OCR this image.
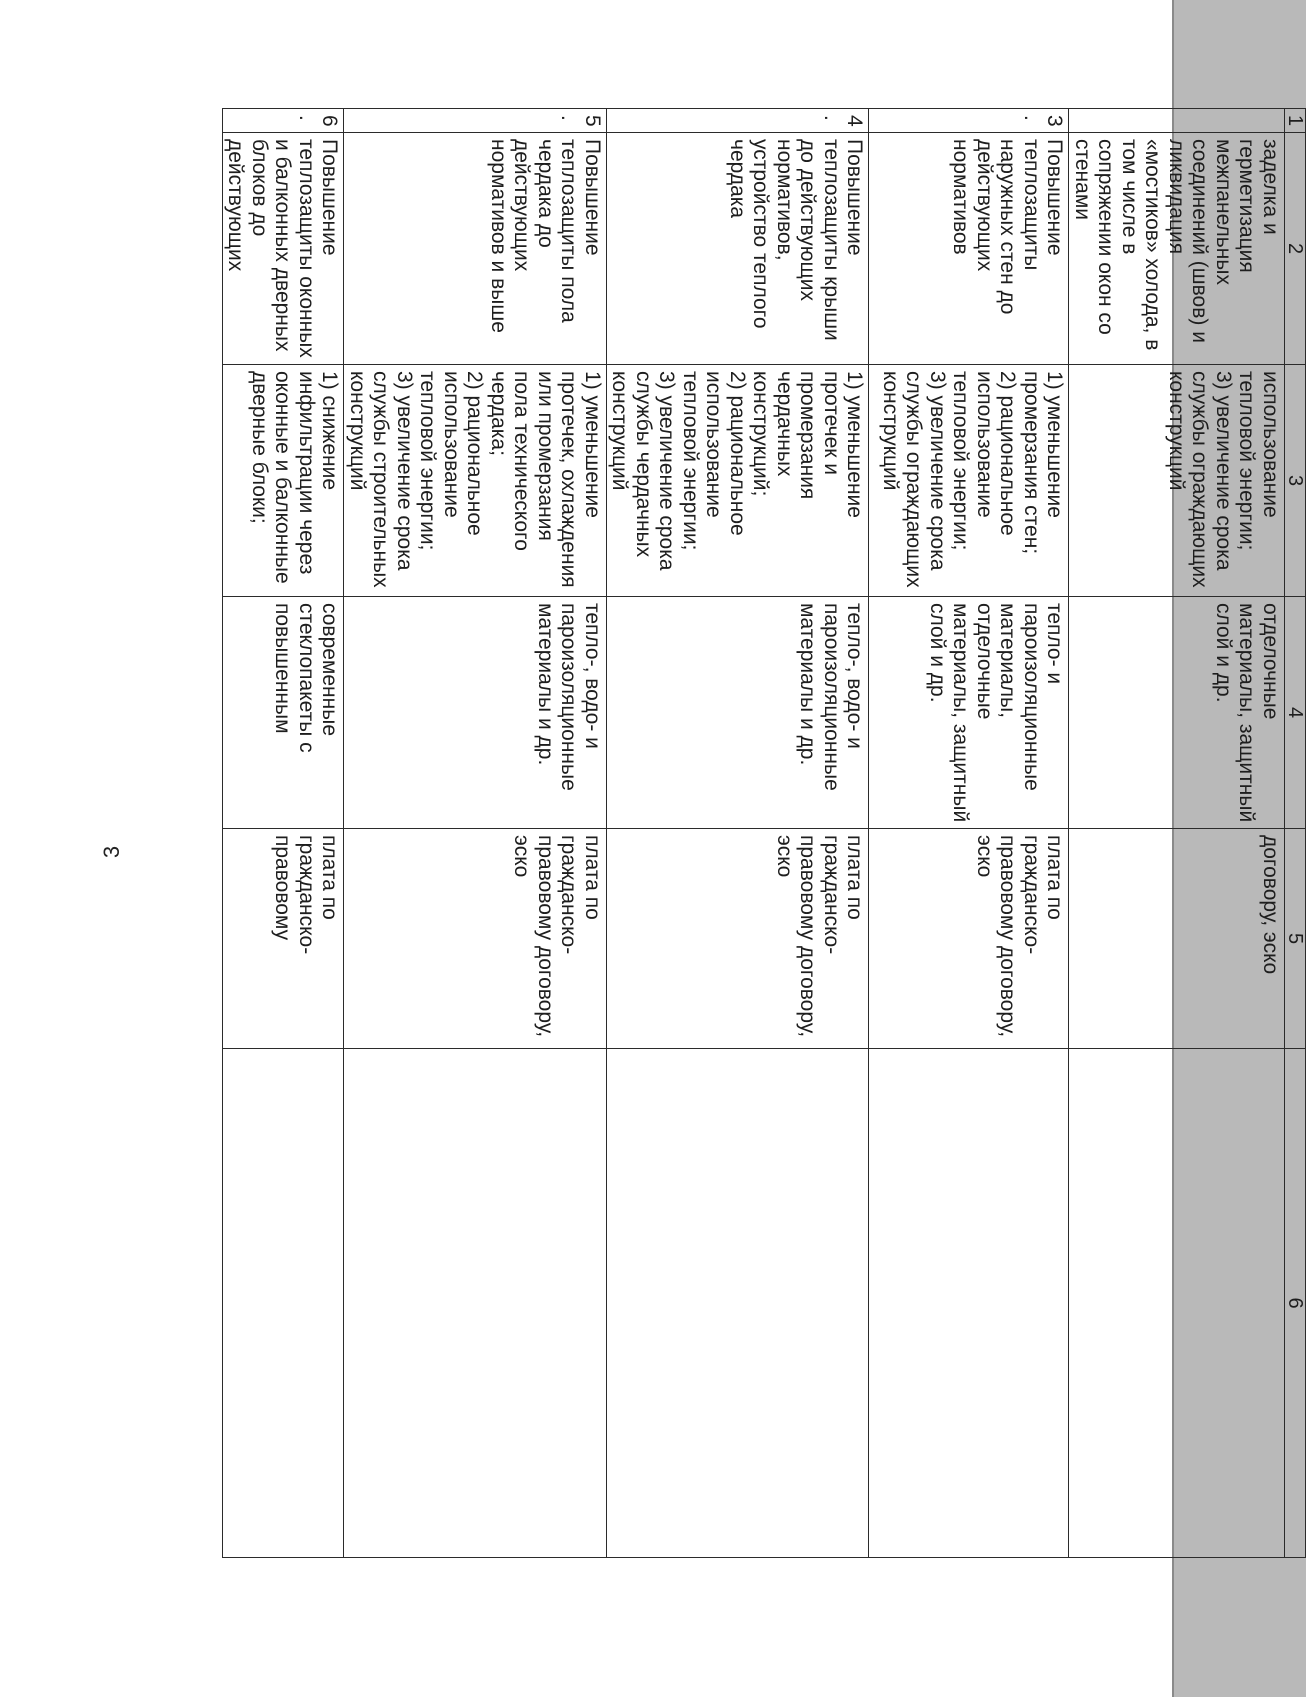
3
1	2	3	4	5	6
	заделка и герметизация межпанельных соединений (швов) и ликвидация «мостиков» холода, в том числе в сопряжении окон со стенами	использование тепловой энергии;
3) увеличение срока службы ограждающих конструкций	отделочные материалы, защитный слой и др.	договору, эско	
3.	Повышение теплозащиты наружных стен до действующих нормативов	1) уменьшение промерзания стен;
2) рациональное использование тепловой энергии;
3) увеличение срока службы ограждающих конструкций	тепло- и пароизоляционные материалы, отделочные материалы, защитный слой и др.	плата по гражданско-правовому договору, эско	
4.	Повышение теплозащиты крыши до действующих нормативов, устройство теплого чердака	1) уменьшение протечек и промерзания чердачных конструкций;
2) рациональное использование тепловой энергии;
3) увеличение срока службы чердачных конструкций	тепло-, водо- и пароизоляционные материалы и др.	плата по гражданско-правовому договору, эско	
5.	Повышение теплозащиты пола чердака до действующих нормативов и выше	1) уменьшение протечек, охлаждения или промерзания пола технического чердака;
2) рациональное использование тепловой энергии;
3) увеличение срока службы строительных конструкций	тепло-, водо- и пароизоляционные материалы и др.	плата по гражданско-правовому договору, эско	
6.	Повышение теплозащиты оконных и балконных дверных блоков до действующих	1) снижение инфильтрации через оконные и балконные дверные блоки;	современные стеклопакеты с повышенным	плата по гражданско-правовому	
